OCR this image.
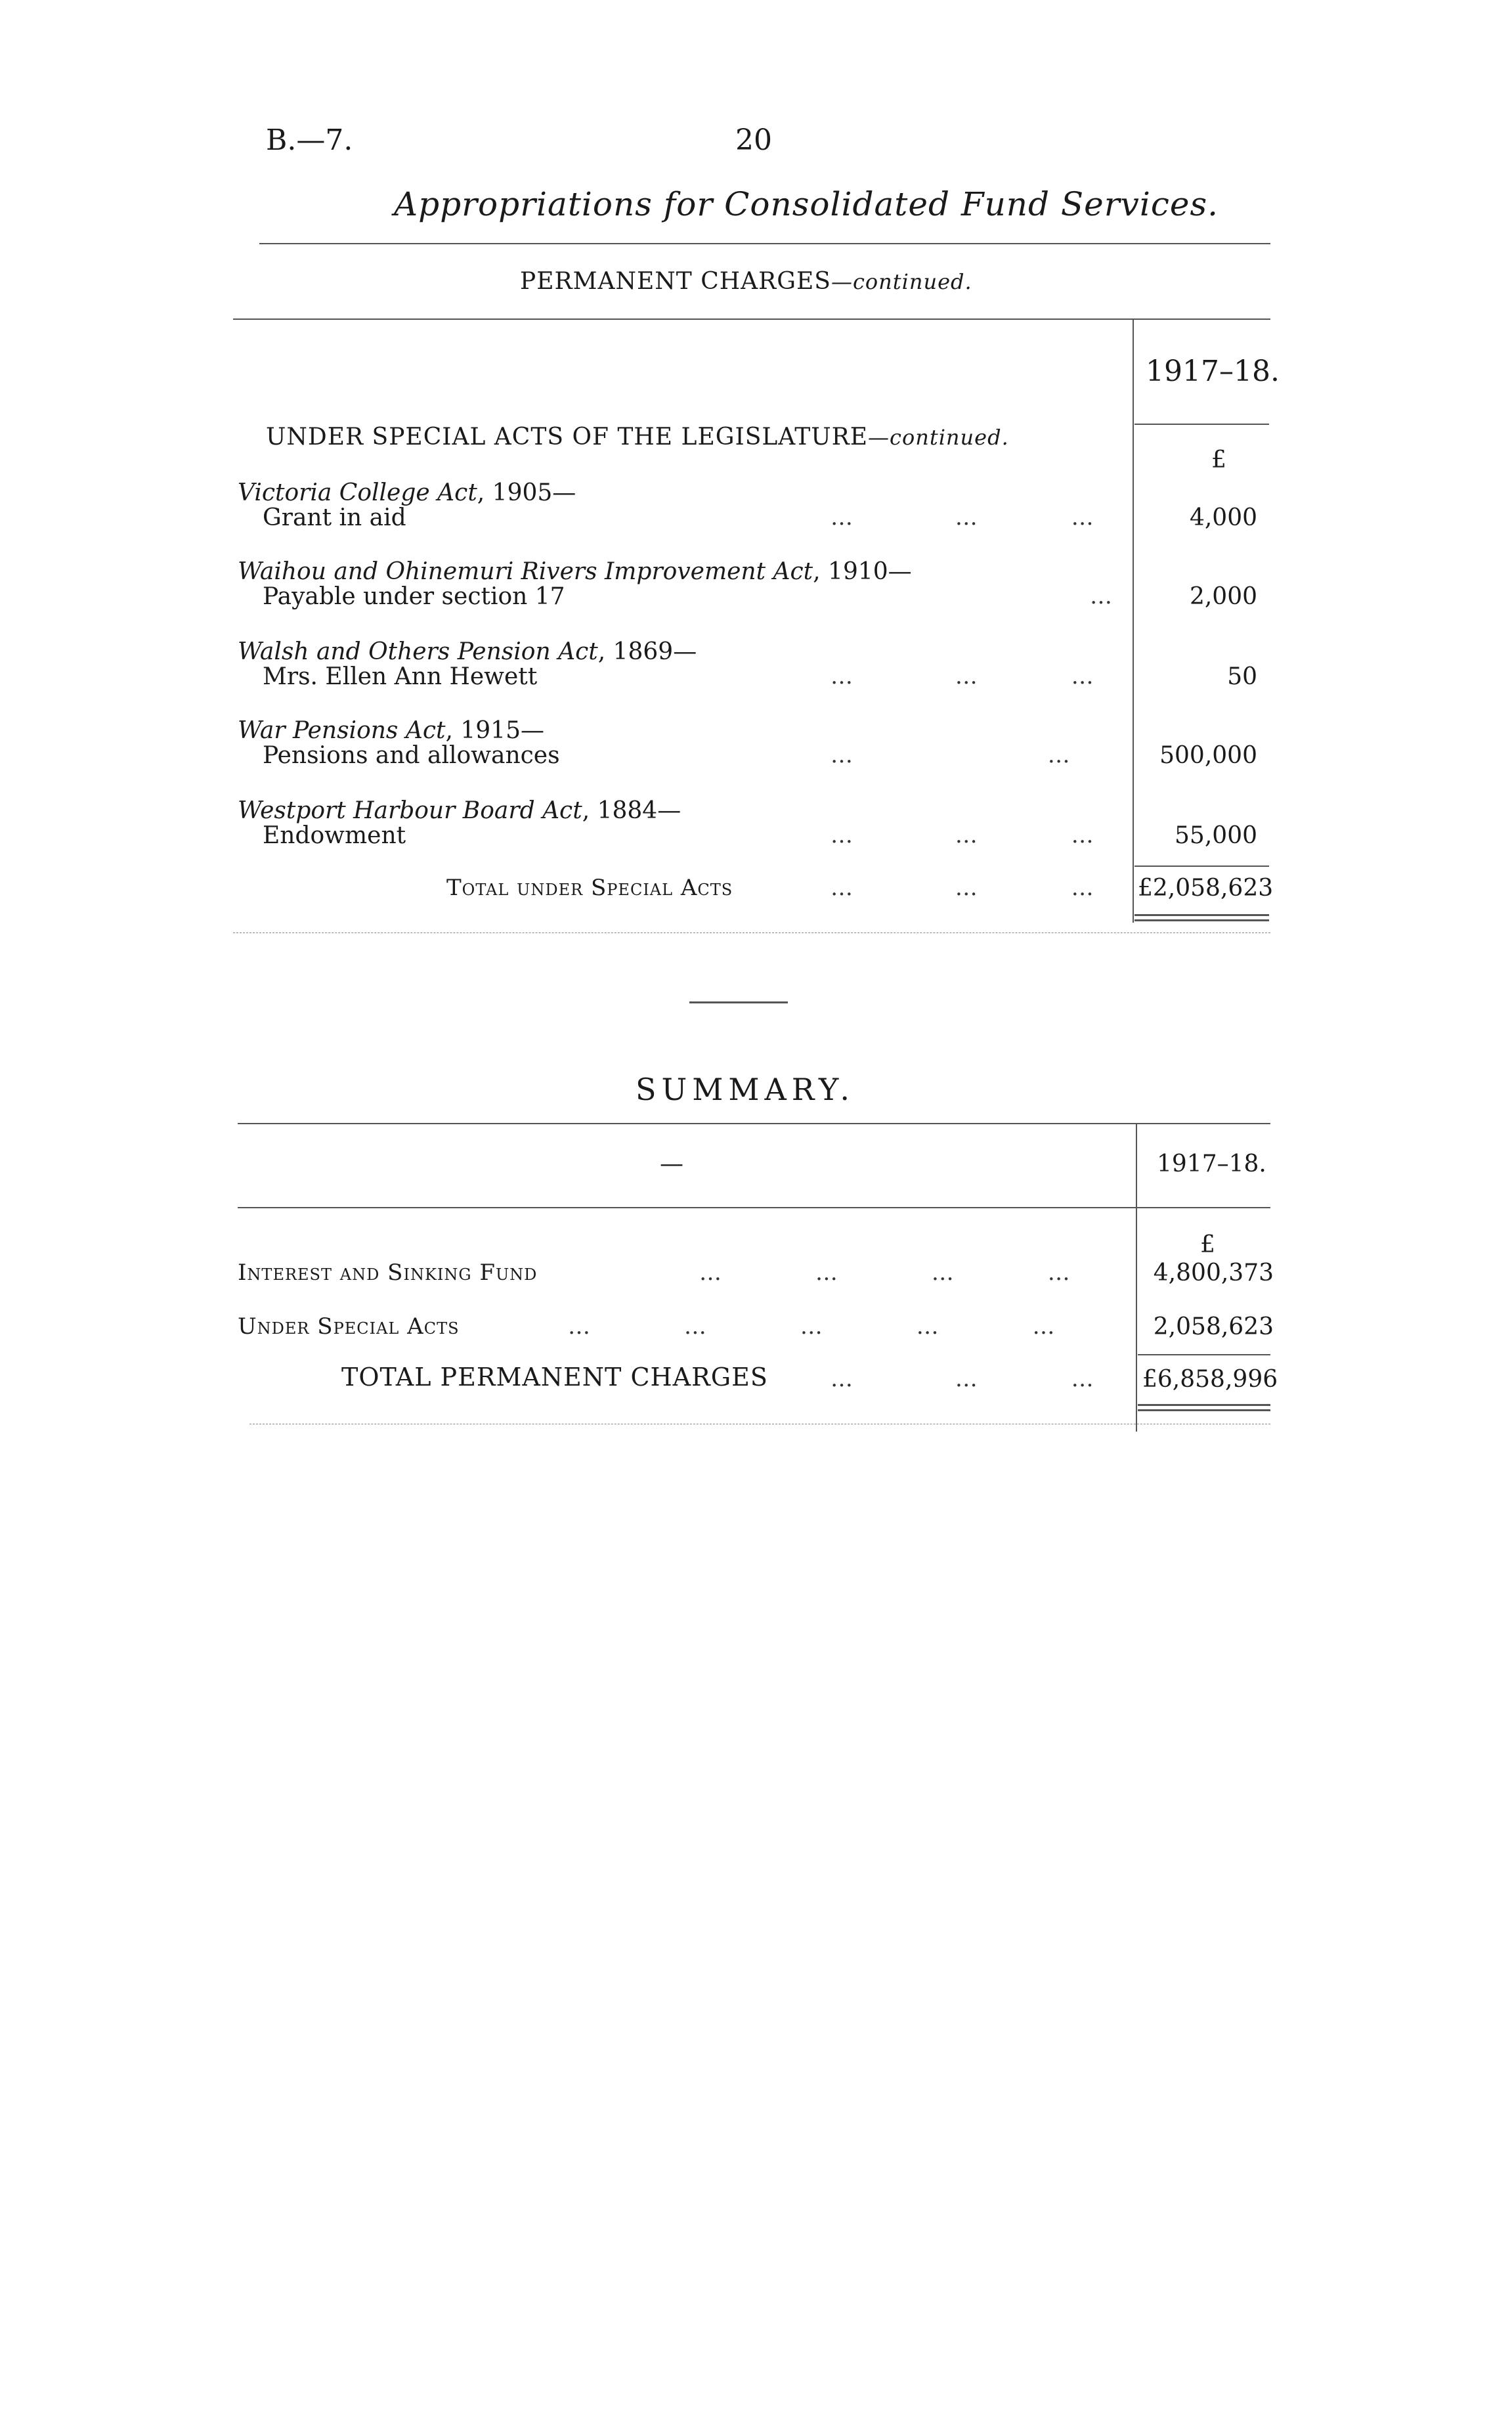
B.—7.	20
Appropriations for Consolidated Fund Services.
PERMANENT CHARGES—continued.
1917–18.
UNDER SPECIAL ACTS OF THE LEGISLATURE—continued.
£
Victoria College Act, 1905—
Grant in aid	…            …           …	4,000
Waihou and Ohinemuri Rivers Improvement Act, 1910—
Payable under section 17	…	2,000
Walsh and Others Pension Act, 1869—
Mrs. Ellen Ann Hewett	…            …           …	50
War Pensions Act, 1915—
Pensions and allowances	…                       …	500,000
Westport Harbour Board Act, 1884—
Endowment	…            …           …	55,000
Total under Special Acts	…            …           … £2,058,623
SUMMARY.
—	1917–18.
£
Interest and Sinking Fund	…           …           …           …	4,800,373
Under Special Acts	…           …           …           …           …	2,058,623
TOTAL PERMANENT CHARGES	…            …           … £6,858,996
